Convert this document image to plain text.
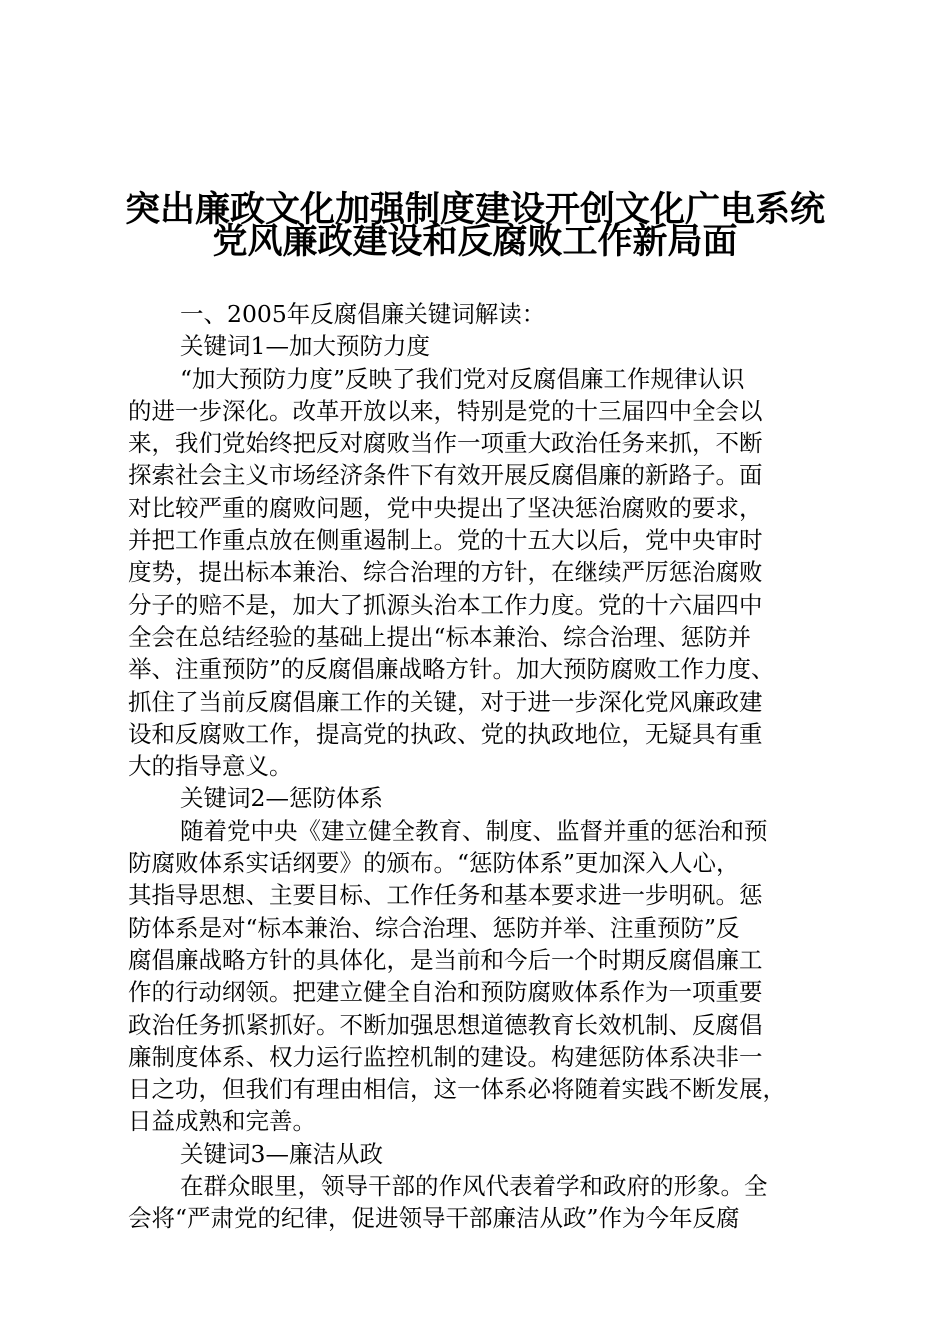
突出廉政文化加强制度建设开创文化广电系统
党风廉政建设和反腐败工作新局面

一、2005年反腐倡廉关键词解读：

关键词1—加大预防力度

“加大预防力度”反映了我们党对反腐倡廉工作规律认识

的进一步深化。改革开放以来，特别是党的十三届四中全会以

来，我们党始终把反对腐败当作一项重大政治任务来抓，不断

探索社会主义市场经济条件下有效开展反腐倡廉的新路子。面

对比较严重的腐败问题，党中央提出了坚决惩治腐败的要求，

并把工作重点放在侧重遏制上。党的十五大以后，党中央审时

度势，提出标本兼治、综合治理的方针，在继续严厉惩治腐败

分子的赔不是，加大了抓源头治本工作力度。党的十六届四中

全会在总结经验的基础上提出“标本兼治、综合治理、惩防并

举、注重预防”的反腐倡廉战略方针。加大预防腐败工作力度、

抓住了当前反腐倡廉工作的关键，对于进一步深化党风廉政建

设和反腐败工作，提高党的执政、党的执政地位，无疑具有重

大的指导意义。

关键词2—惩防体系

随着党中央《建立健全教育、制度、监督并重的惩治和预

防腐败体系实话纲要》的颁布。“惩防体系”更加深入人心，

其指导思想、主要目标、工作任务和基本要求进一步明矾。惩

防体系是对“标本兼治、综合治理、惩防并举、注重预防”反

腐倡廉战略方针的具体化，是当前和今后一个时期反腐倡廉工

作的行动纲领。把建立健全自治和预防腐败体系作为一项重要

政治任务抓紧抓好。不断加强思想道德教育长效机制、反腐倡

廉制度体系、权力运行监控机制的建设。构建惩防体系决非一

日之功，但我们有理由相信，这一体系必将随着实践不断发展，

日益成熟和完善。

关键词3—廉洁从政

在群众眼里，领导干部的作风代表着学和政府的形象。全

会将“严肃党的纪律，促进领导干部廉洁从政”作为今年反腐
